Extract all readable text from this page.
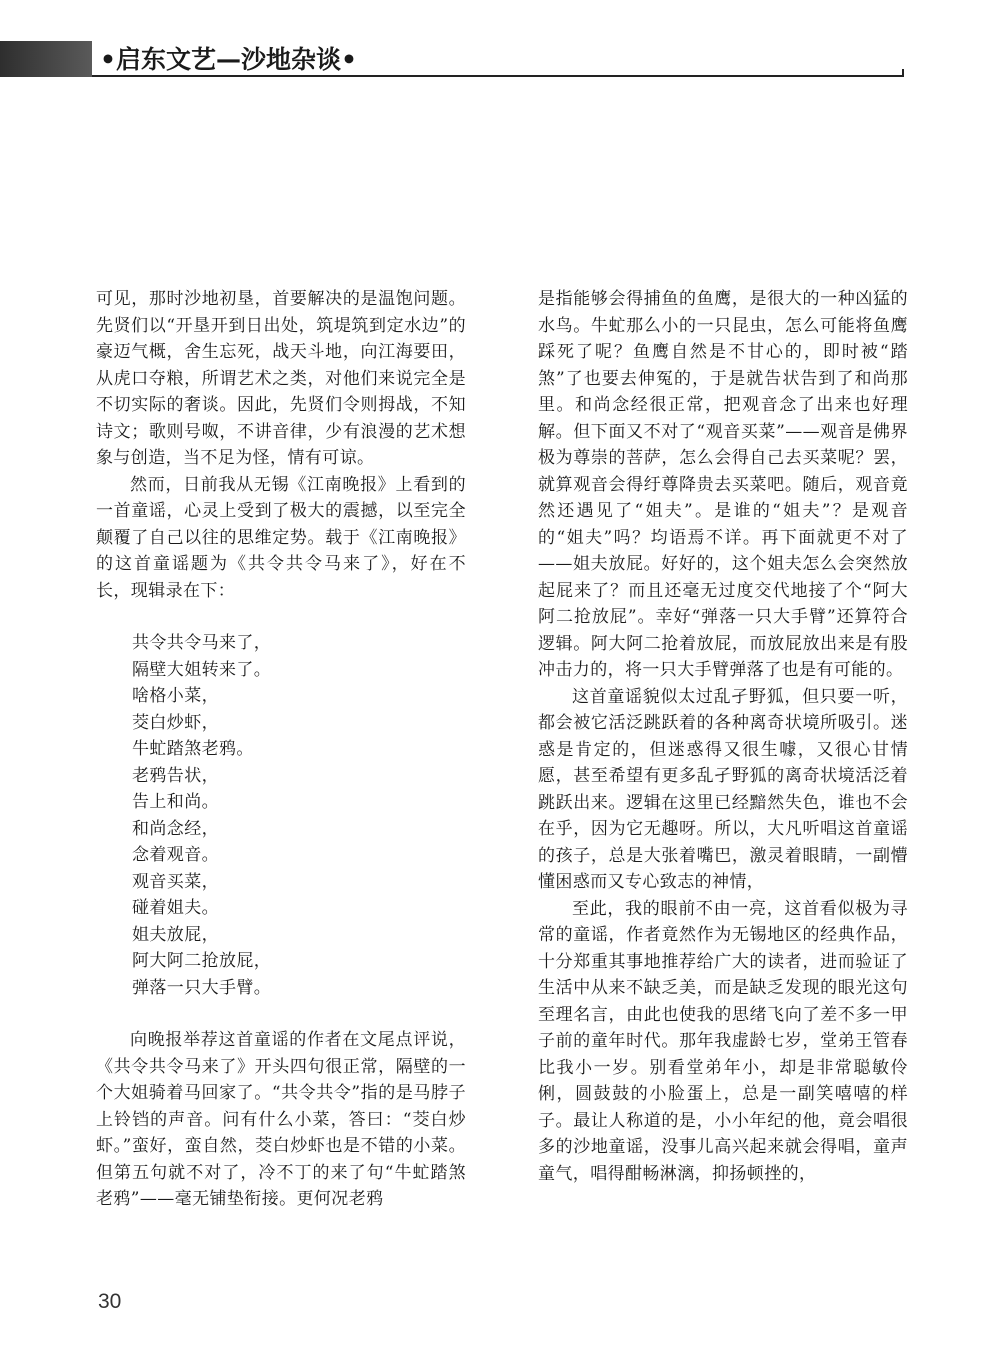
•启东文艺—沙地杂谈•

可见，那时沙地初垦，首要解决的是温饱问题。先贤们以“开垦开到日出处，筑堤筑到定水边”的豪迈气概，舍生忘死，战天斗地，向江海要田，从虎口夺粮，所谓艺术之类，对他们来说完全是不切实际的奢谈。因此，先贤们令则拇战，不知诗文；歌则号呶，不讲音律，少有浪漫的艺术想象与创造，当不足为怪，情有可谅。

然而，日前我从无锡《江南晚报》上看到的一首童谣，心灵上受到了极大的震撼，以至完全颠覆了自己以往的思维定势。载于《江南晚报》的这首童谣题为《共令共令马来了》，好在不长，现辑录在下：

共令共令马来了，
隔壁大姐转来了。
啥格小菜，
茭白炒虾，
牛虻踏煞老鸦。
老鸦告状，
告上和尚。
和尚念经，
念着观音。
观音买菜，
碰着姐夫。
姐夫放屁，
阿大阿二抢放屁，
弹落一只大手臂。

向晚报举荐这首童谣的作者在文尾点评说，《共令共令马来了》开头四句很正常，隔壁的一个大姐骑着马回家了。“共令共令”指的是马脖子上铃铛的声音。问有什么小菜，答曰：“茭白炒虾。”蛮好，蛮自然，茭白炒虾也是不错的小菜。但第五句就不对了，冷不丁的来了句“牛虻踏煞老鸦”——毫无铺垫衔接。更何况老鸦

是指能够会得捕鱼的鱼鹰，是很大的一种凶猛的水鸟。牛虻那么小的一只昆虫，怎么可能将鱼鹰踩死了呢？鱼鹰自然是不甘心的，即时被“踏煞”了也要去伸冤的，于是就告状告到了和尚那里。和尚念经很正常，把观音念了出来也好理解。但下面又不对了“观音买菜”——观音是佛界极为尊崇的菩萨，怎么会得自己去买菜呢？罢，就算观音会得纡尊降贵去买菜吧。随后，观音竟然还遇见了“姐夫”。是谁的“姐夫”？是观音的“姐夫”吗？均语焉不详。再下面就更不对了——姐夫放屁。好好的，这个姐夫怎么会突然放起屁来了？而且还毫无过度交代地接了个“阿大阿二抢放屁”。幸好“弹落一只大手臂”还算符合逻辑。阿大阿二抢着放屁，而放屁放出来是有股冲击力的，将一只大手臂弹落了也是有可能的。

这首童谣貌似太过乱孑野狐，但只要一听，都会被它活泛跳跃着的各种离奇状境所吸引。迷惑是肯定的，但迷惑得又很生噱，又很心甘情愿，甚至希望有更多乱孑野狐的离奇状境活泛着跳跃出来。逻辑在这里已经黯然失色，谁也不会在乎，因为它无趣呀。所以，大凡听唱这首童谣的孩子，总是大张着嘴巴，激灵着眼睛，一副懵懂困惑而又专心致志的神情，

至此，我的眼前不由一亮，这首看似极为寻常的童谣，作者竟然作为无锡地区的经典作品，十分郑重其事地推荐给广大的读者，进而验证了生活中从来不缺乏美，而是缺乏发现的眼光这句至理名言，由此也使我的思绪飞向了差不多一甲子前的童年时代。那年我虚龄七岁，堂弟王管春比我小一岁。别看堂弟年小，却是非常聪敏伶俐，圆鼓鼓的小脸蛋上，总是一副笑嘻嘻的样子。最让人称道的是，小小年纪的他，竟会唱很多的沙地童谣，没事儿高兴起来就会得唱，童声童气，唱得酣畅淋漓，抑扬顿挫的，

30
